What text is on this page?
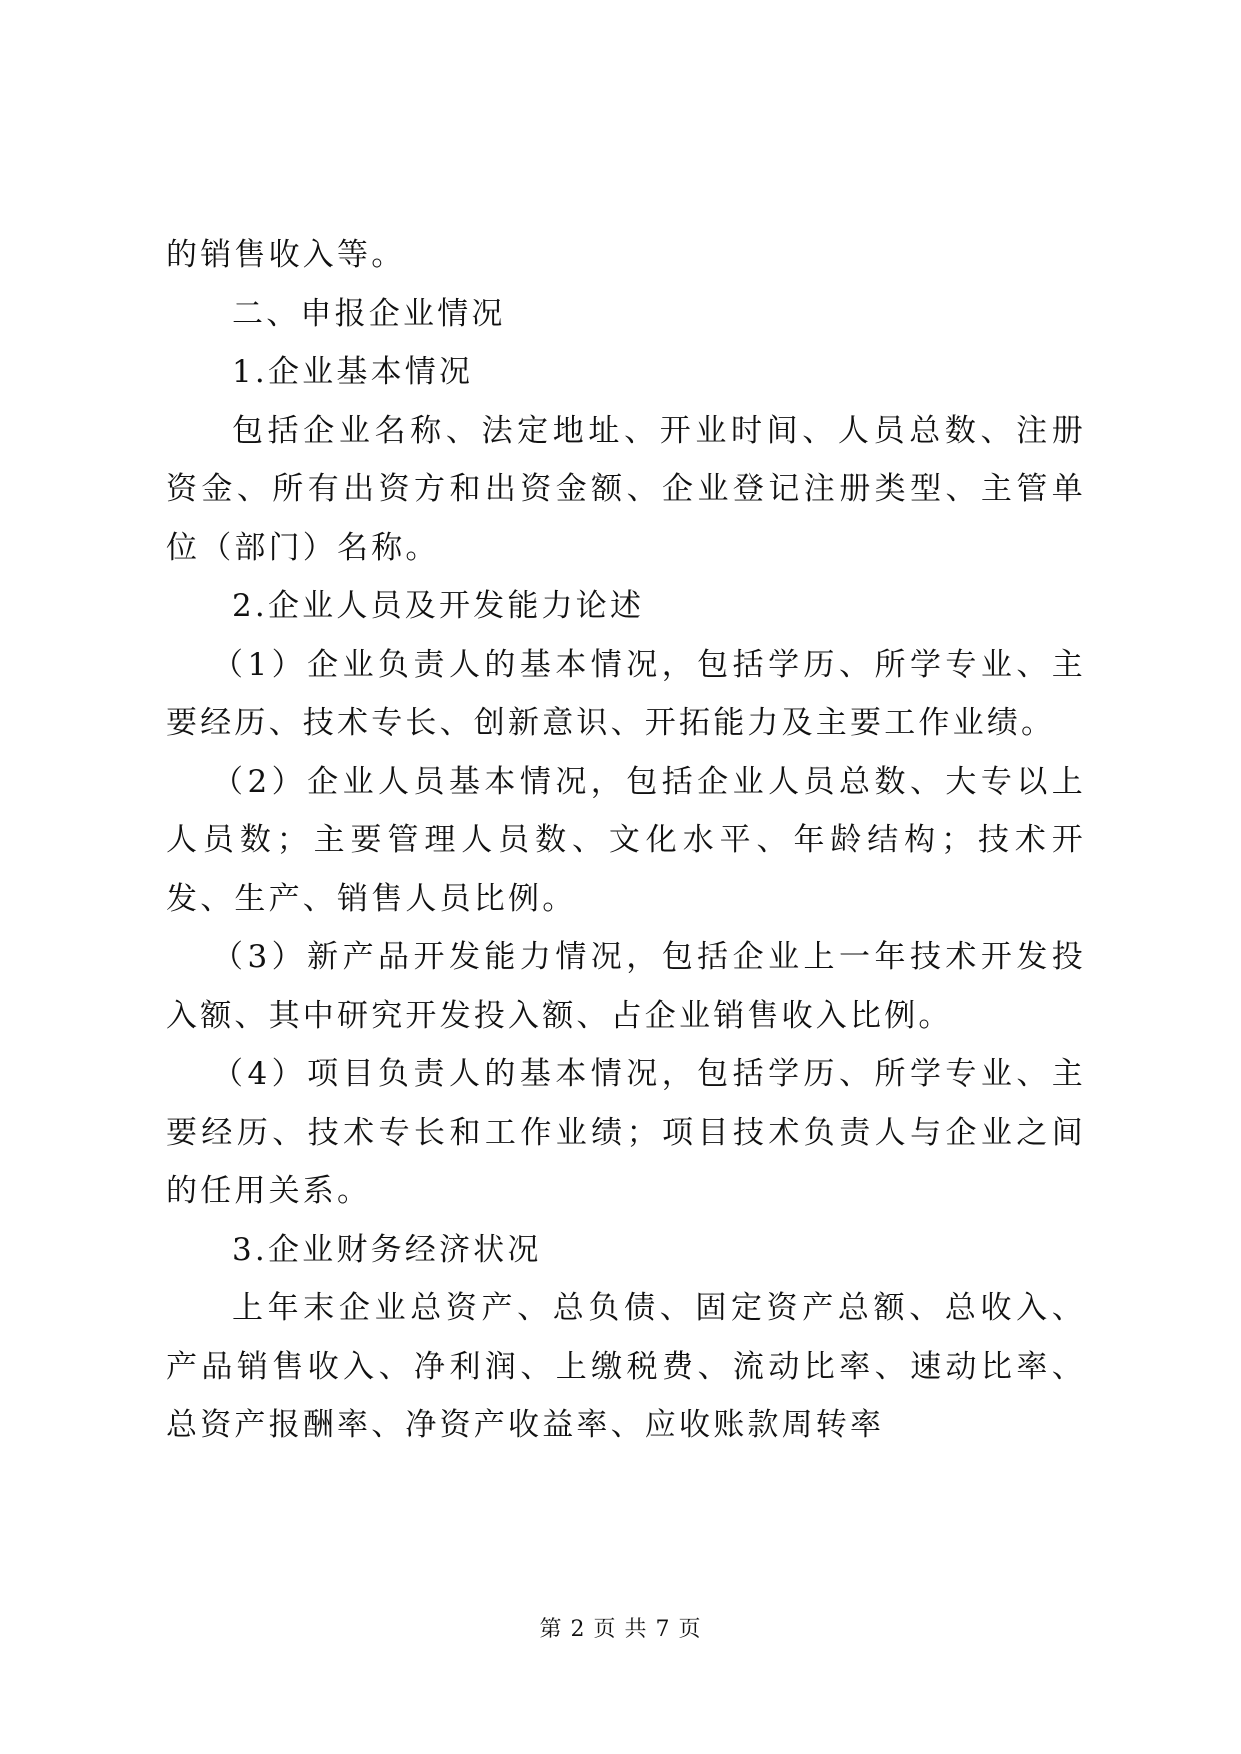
的销售收入等。

二、申报企业情况

1.企业基本情况

包括企业名称、法定地址、开业时间、人员总数、注册资金、所有出资方和出资金额、企业登记注册类型、主管单位（部门）名称。

2.企业人员及开发能力论述

（1）企业负责人的基本情况，包括学历、所学专业、主要经历、技术专长、创新意识、开拓能力及主要工作业绩。

（2）企业人员基本情况，包括企业人员总数、大专以上人员数；主要管理人员数、文化水平、年龄结构；技术开发、生产、销售人员比例。

（3）新产品开发能力情况，包括企业上一年技术开发投入额、其中研究开发投入额、占企业销售收入比例。

（4）项目负责人的基本情况，包括学历、所学专业、主要经历、技术专长和工作业绩；项目技术负责人与企业之间的任用关系。

3.企业财务经济状况

上年末企业总资产、总负债、固定资产总额、总收入、产品销售收入、净利润、上缴税费、流动比率、速动比率、总资产报酬率、净资产收益率、应收账款周转率

第 2 页 共 7 页
